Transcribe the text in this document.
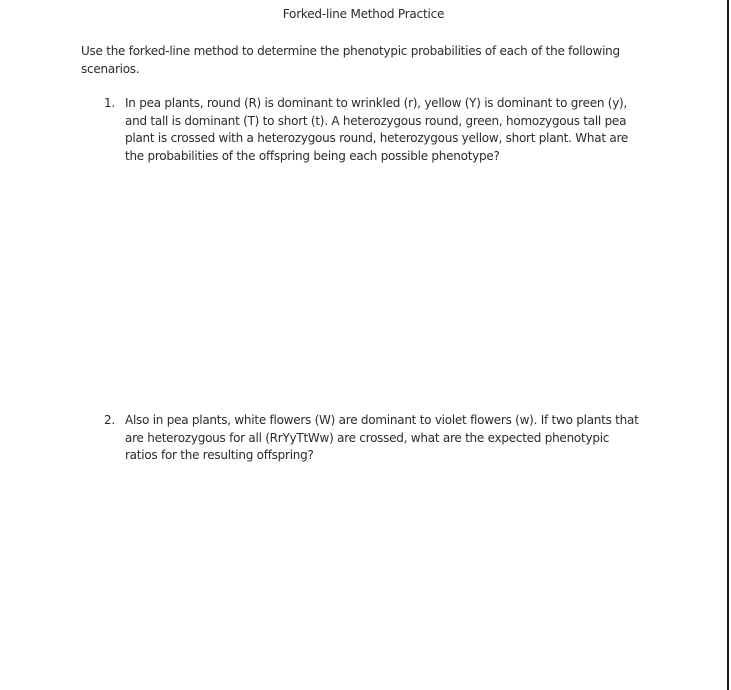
Forked-line Method Practice

Use the forked-line method to determine the phenotypic probabilities of each of the following scenarios.

1. In pea plants, round (R) is dominant to wrinkled (r), yellow (Y) is dominant to green (y), and tall is dominant (T) to short (t). A heterozygous round, green, homozygous tall pea plant is crossed with a heterozygous round, heterozygous yellow, short plant. What are the probabilities of the offspring being each possible phenotype?

2. Also in pea plants, white flowers (W) are dominant to violet flowers (w). If two plants that are heterozygous for all (RrYyTtWw) are crossed, what are the expected phenotypic ratios for the resulting offspring?
